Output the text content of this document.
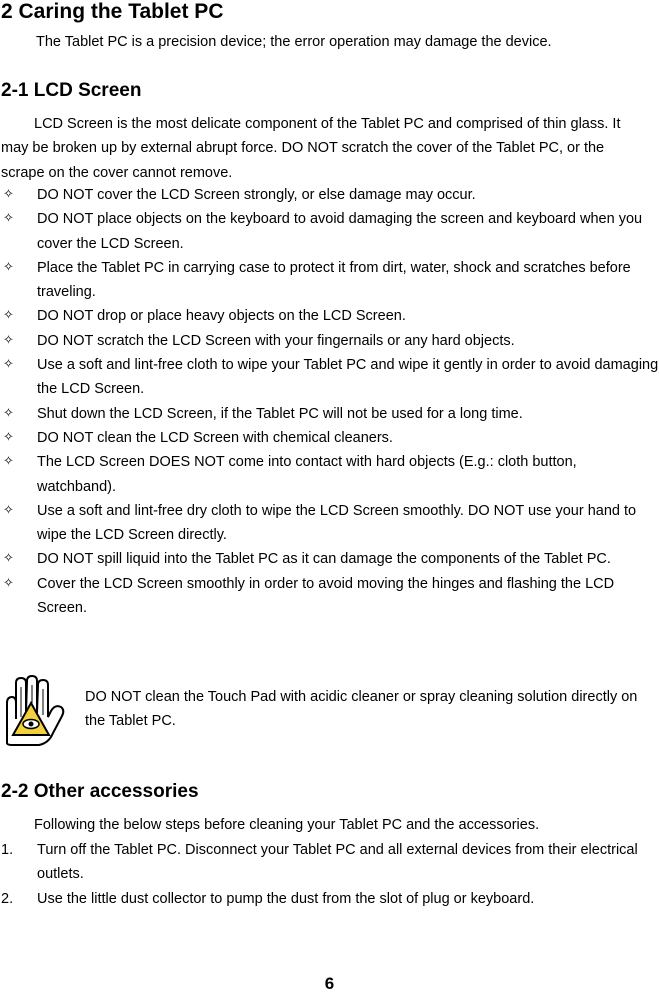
2 Caring the Tablet PC
The Tablet PC is a precision device; the error operation may damage the device.
2-1 LCD Screen

LCD Screen is the most delicate component of the Tablet PC and comprised of thin glass. It may be broken up by external abrupt force. DO NOT scratch the cover of the Tablet PC, or the scrape on the cover cannot remove.

✧ DO NOT cover the LCD Screen strongly, or else damage may occur.
✧ DO NOT place objects on the keyboard to avoid damaging the screen and keyboard when you cover the LCD Screen.
✧ Place the Tablet PC in carrying case to protect it from dirt, water, shock and scratches before traveling.
✧ DO NOT drop or place heavy objects on the LCD Screen.
✧ DO NOT scratch the LCD Screen with your fingernails or any hard objects.
✧ Use a soft and lint-free cloth to wipe your Tablet PC and wipe it gently in order to avoid damaging the LCD Screen.
✧ Shut down the LCD Screen, if the Tablet PC will not be used for a long time.
✧ DO NOT clean the LCD Screen with chemical cleaners.
✧ The LCD Screen DOES NOT come into contact with hard objects (E.g.: cloth button, watchband).
✧ Use a soft and lint-free dry cloth to wipe the LCD Screen smoothly. DO NOT use your hand to wipe the LCD Screen directly.
✧ DO NOT spill liquid into the Tablet PC as it can damage the components of the Tablet PC.
✧ Cover the LCD Screen smoothly in order to avoid moving the hinges and flashing the LCD Screen.
DO NOT clean the Touch Pad with acidic cleaner or spray cleaning solution directly on the Tablet PC.
2-2 Other accessories

Following the below steps before cleaning your Tablet PC and the accessories.

1. Turn off the Tablet PC. Disconnect your Tablet PC and all external devices from their electrical outlets.
2. Use the little dust collector to pump the dust from the slot of plug or keyboard.
6
